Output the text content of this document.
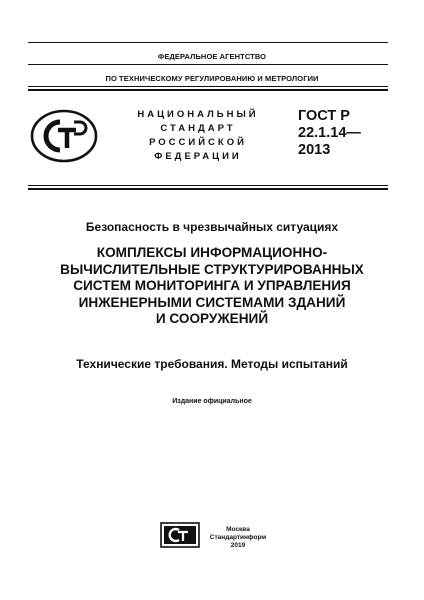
ФЕДЕРАЛЬНОЕ АГЕНТСТВО
ПО ТЕХНИЧЕСКОМУ РЕГУЛИРОВАНИЮ И МЕТРОЛОГИИ
РСТ
НАЦИОНАЛЬНЫЙ
СТАНДАРТ
РОССИЙСКОЙ
ФЕДЕРАЦИИ
ГОСТ Р
22.1.14—
2013
Безопасность в чрезвычайных ситуациях
КОМПЛЕКСЫ ИНФОРМАЦИОННО-
ВЫЧИСЛИТЕЛЬНЫЕ СТРУКТУРИРОВАННЫХ
СИСТЕМ МОНИТОРИНГА И УПРАВЛЕНИЯ
ИНЖЕНЕРНЫМИ СИСТЕМАМИ ЗДАНИЙ
И СООРУЖЕНИЙ
Технические требования. Методы испытаний
Издание официальное
Москва
Стандартинформ
2019
